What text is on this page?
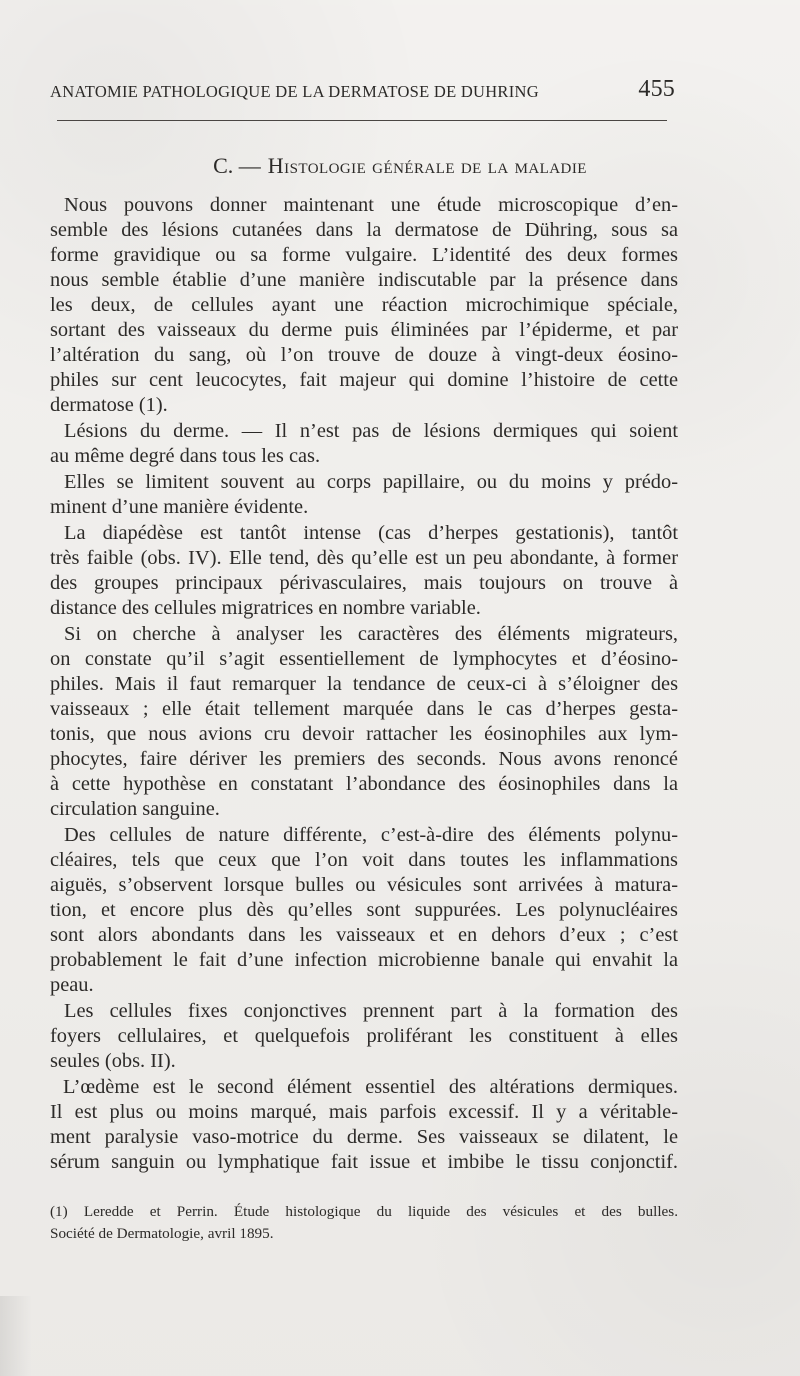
ANATOMIE PATHOLOGIQUE DE LA DERMATOSE DE DUHRING	455
C. — Histologie générale de la maladie
Nous pouvons donner maintenant une étude microscopique d’en-
semble des lésions cutanées dans la dermatose de Dühring, sous sa
forme gravidique ou sa forme vulgaire. L’identité des deux formes
nous semble établie d’une manière indiscutable par la présence dans
les deux, de cellules ayant une réaction microchimique spéciale,
sortant des vaisseaux du derme puis éliminées par l’épiderme, et par
l’altération du sang, où l’on trouve de douze à vingt-deux éosino-
philes sur cent leucocytes, fait majeur qui domine l’histoire de cette
dermatose (1).
Lésions du derme. — Il n’est pas de lésions dermiques qui soient
au même degré dans tous les cas.
Elles se limitent souvent au corps papillaire, ou du moins y prédo-
minent d’une manière évidente.
La diapédèse est tantôt intense (cas d’herpes gestationis), tantôt
très faible (obs. IV). Elle tend, dès qu’elle est un peu abondante, à former
des groupes principaux périvasculaires, mais toujours on trouve à
distance des cellules migratrices en nombre variable.
Si on cherche à analyser les caractères des éléments migrateurs,
on constate qu’il s’agit essentiellement de lymphocytes et d’éosino-
philes. Mais il faut remarquer la tendance de ceux-ci à s’éloigner des
vaisseaux ; elle était tellement marquée dans le cas d’herpes gesta-
tonis, que nous avions cru devoir rattacher les éosinophiles aux lym-
phocytes, faire dériver les premiers des seconds. Nous avons renoncé
à cette hypothèse en constatant l’abondance des éosinophiles dans la
circulation sanguine.
Des cellules de nature différente, c’est-à-dire des éléments polynu-
cléaires, tels que ceux que l’on voit dans toutes les inflammations
aiguës, s’observent lorsque bulles ou vésicules sont arrivées à matura-
tion, et encore plus dès qu’elles sont suppurées. Les polynucléaires
sont alors abondants dans les vaisseaux et en dehors d’eux ; c’est
probablement le fait d’une infection microbienne banale qui envahit la
peau.
Les cellules fixes conjonctives prennent part à la formation des
foyers cellulaires, et quelquefois proliférant les constituent à elles
seules (obs. II).
L’œdème est le second élément essentiel des altérations dermiques.
Il est plus ou moins marqué, mais parfois excessif. Il y a véritable-
ment paralysie vaso-motrice du derme. Ses vaisseaux se dilatent, le
sérum sanguin ou lymphatique fait issue et imbibe le tissu conjonctif.
(1) Leredde et Perrin. Étude histologique du liquide des vésicules et des bulles.
Société de Dermatologie, avril 1895.
